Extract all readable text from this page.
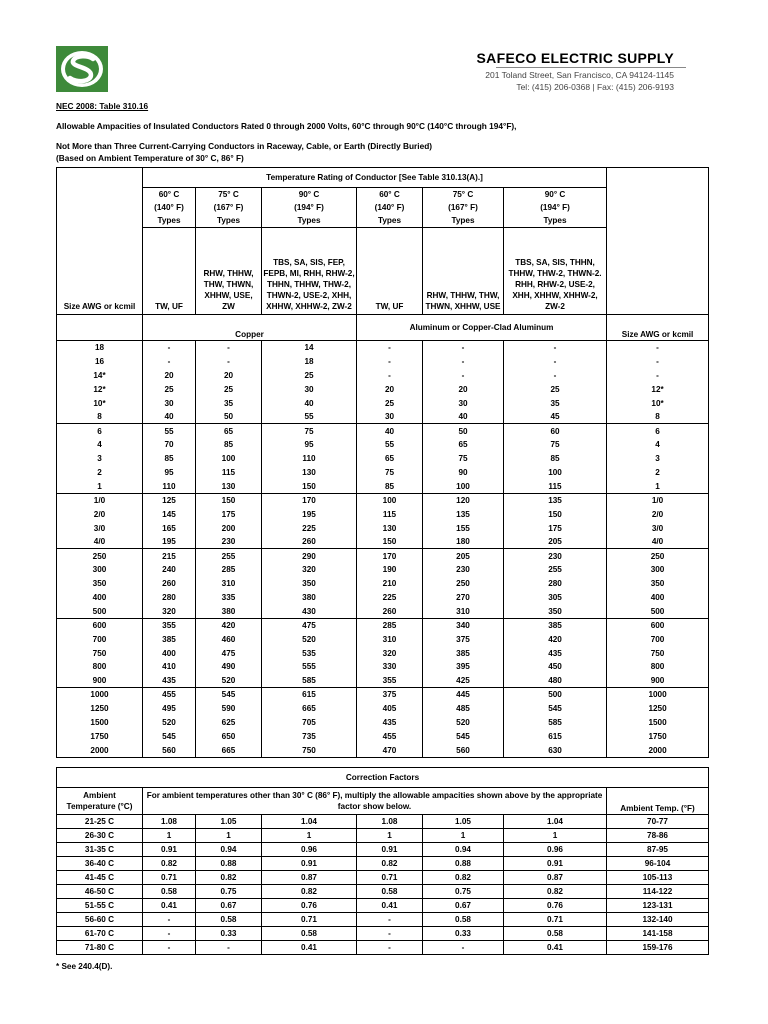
SAFECO ELECTRIC SUPPLY
201 Toland Street, San Francisco, CA 94124-1145
Tel: (415) 206-0368 | Fax: (415) 206-9193
NEC 2008: Table 310.16
Allowable Ampacities of Insulated Conductors Rated 0 through 2000 Volts, 60°C through 90°C (140°C through 194°F),
Not More than Three Current-Carrying Conductors in Raceway, Cable, or Earth (Directly Buried)
(Based on Ambient Temperature of 30° C, 86° F)
	Temperature Rating of Conductor [See Table 310.13(A).]						
	60° C	75° C	90° C	60° C	75° C	90° C	
	(140° F)	(167° F)	(194° F)	(140° F)	(167° F)	(194° F)	
	Types	Types	Types	Types	Types	Types	
Size AWG or kcmil	TW, UF	RHW, THHW, THW, THWN, XHHW, USE, ZW	TBS, SA, SIS, FEP, FEPB, MI, RHH, RHW-2, THHN, THHW, THW-2, THWN-2, USE-2, XHH, XHHW, XHHW-2, ZW-2	TW, UF	RHW, THHW, THW, THWN, XHHW, USE	TBS, SA, SIS, THHN, THHW, THW-2, THWN-2. RHH, RHW-2, USE-2, XHH, XHHW, XHHW-2, ZW-2	
	Copper			Aluminum or Copper-Clad Aluminum			Size AWG or kcmil
18	-	-	14	-	-	-	-
16	-	-	18	-	-	-	-
14*	20	20	25	-	-	-	-
12*	25	25	30	20	20	25	12*
10*	30	35	40	25	30	35	10*
8	40	50	55	30	40	45	8
6	55	65	75	40	50	60	6
4	70	85	95	55	65	75	4
3	85	100	110	65	75	85	3
2	95	115	130	75	90	100	2
1	110	130	150	85	100	115	1
1/0	125	150	170	100	120	135	1/0
2/0	145	175	195	115	135	150	2/0
3/0	165	200	225	130	155	175	3/0
4/0	195	230	260	150	180	205	4/0
250	215	255	290	170	205	230	250
300	240	285	320	190	230	255	300
350	260	310	350	210	250	280	350
400	280	335	380	225	270	305	400
500	320	380	430	260	310	350	500
600	355	420	475	285	340	385	600
700	385	460	520	310	375	420	700
750	400	475	535	320	385	435	750
800	410	490	555	330	395	450	800
900	435	520	585	355	425	480	900
1000	455	545	615	375	445	500	1000
1250	495	590	665	405	485	545	1250
1500	520	625	705	435	520	585	1500
1750	545	650	735	455	545	615	1750
2000	560	665	750	470	560	630	2000
Correction Factors							
Ambient Temperature (°C)	For ambient temperatures other than 30° C (86° F), multiply the allowable ampacities shown above by the appropriate factor show below.						Ambient Temp. (°F)
21-25 C	1.08	1.05	1.04	1.08	1.05	1.04	70-77
26-30 C	1	1	1	1	1	1	78-86
31-35 C	0.91	0.94	0.96	0.91	0.94	0.96	87-95
36-40 C	0.82	0.88	0.91	0.82	0.88	0.91	96-104
41-45 C	0.71	0.82	0.87	0.71	0.82	0.87	105-113
46-50 C	0.58	0.75	0.82	0.58	0.75	0.82	114-122
51-55 C	0.41	0.67	0.76	0.41	0.67	0.76	123-131
56-60 C	-	0.58	0.71	-	0.58	0.71	132-140
61-70 C	-	0.33	0.58	-	0.33	0.58	141-158
71-80 C	-	-	0.41	-	-	0.41	159-176
* See 240.4(D).
